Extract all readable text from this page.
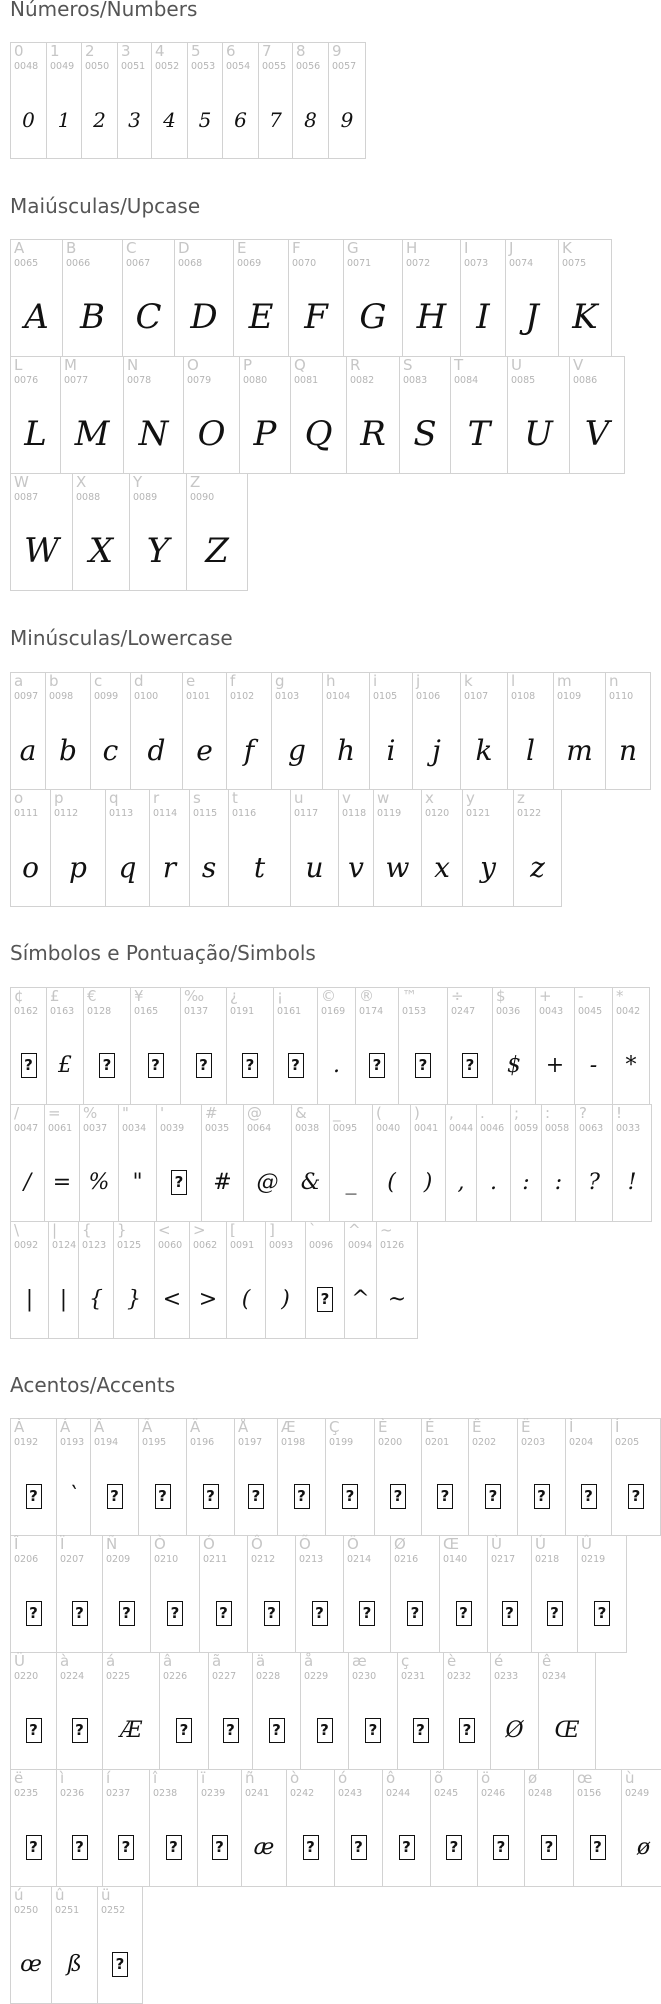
Números/Numbers
0
0048
0
1
0049
1
2
0050
2
3
0051
3
4
0052
4
5
0053
5
6
0054
6
7
0055
7
8
0056
8
9
0057
9
Maiúsculas/Upcase
A
0065
A
B
0066
B
C
0067
C
D
0068
D
E
0069
E
F
0070
F
G
0071
G
H
0072
H
I
0073
I
J
0074
J
K
0075
K
L
0076
L
M
0077
M
N
0078
N
O
0079
O
P
0080
P
Q
0081
Q
R
0082
R
S
0083
S
T
0084
T
U
0085
U
V
0086
V
W
0087
W
X
0088
X
Y
0089
Y
Z
0090
Z
Minúsculas/Lowercase
a
0097
a
b
0098
b
c
0099
c
d
0100
d
e
0101
e
f
0102
f
g
0103
g
h
0104
h
i
0105
i
j
0106
j
k
0107
k
l
0108
l
m
0109
m
n
0110
n
o
0111
o
p
0112
p
q
0113
q
r
0114
r
s
0115
s
t
0116
t
u
0117
u
v
0118
v
w
0119
w
x
0120
x
y
0121
y
z
0122
z
Símbolos e Pontuação/Simbols
¢
0162
?
£
0163
£
€
0128
?
¥
0165
?
‰
0137
?
¿
0191
?
¡
0161
?
©
0169
.
®
0174
?
™
0153
?
÷
0247
?
$
0036
$
+
0043
+
-
0045
-
*
0042
*
/
0047
/
=
0061
=
%
0037
%
"
0034
"
'
0039
?
#
0035
#
@
0064
@
&
0038
&
_
0095
_
(
0040
(
)
0041
)
,
0044
,
.
0046
.
;
0059
:
:
0058
:
?
0063
?
!
0033
!
\
0092
|
|
0124
|
{
0123
{
}
0125
}
<
0060
<
>
0062
>
[
0091
(
]
0093
)
`
0096
?
^
0094
^
~
0126
~
Acentos/Accents
À
0192
?
Á
0193
`
Â
0194
?
Ã
0195
?
Ä
0196
?
Å
0197
?
Æ
0198
?
Ç
0199
?
È
0200
?
É
0201
?
Ê
0202
?
Ë
0203
?
Ì
0204
?
Í
0205
?
Î
0206
?
Ï
0207
?
Ñ
0209
?
Ò
0210
?
Ó
0211
?
Ô
0212
?
Õ
0213
?
Ö
0214
?
Ø
0216
?
Œ
0140
?
Ù
0217
?
Ú
0218
?
Û
0219
?
Ü
0220
?
à
0224
?
á
0225
Æ
â
0226
?
ã
0227
?
ä
0228
?
å
0229
?
æ
0230
?
ç
0231
?
è
0232
?
é
0233
Ø
ê
0234
Œ
ë
0235
?
ì
0236
?
í
0237
?
î
0238
?
ï
0239
?
ñ
0241
æ
ò
0242
?
ó
0243
?
ô
0244
?
õ
0245
?
ö
0246
?
ø
0248
?
œ
0156
?
ù
0249
ø
ú
0250
œ
û
0251
ß
ü
0252
?
